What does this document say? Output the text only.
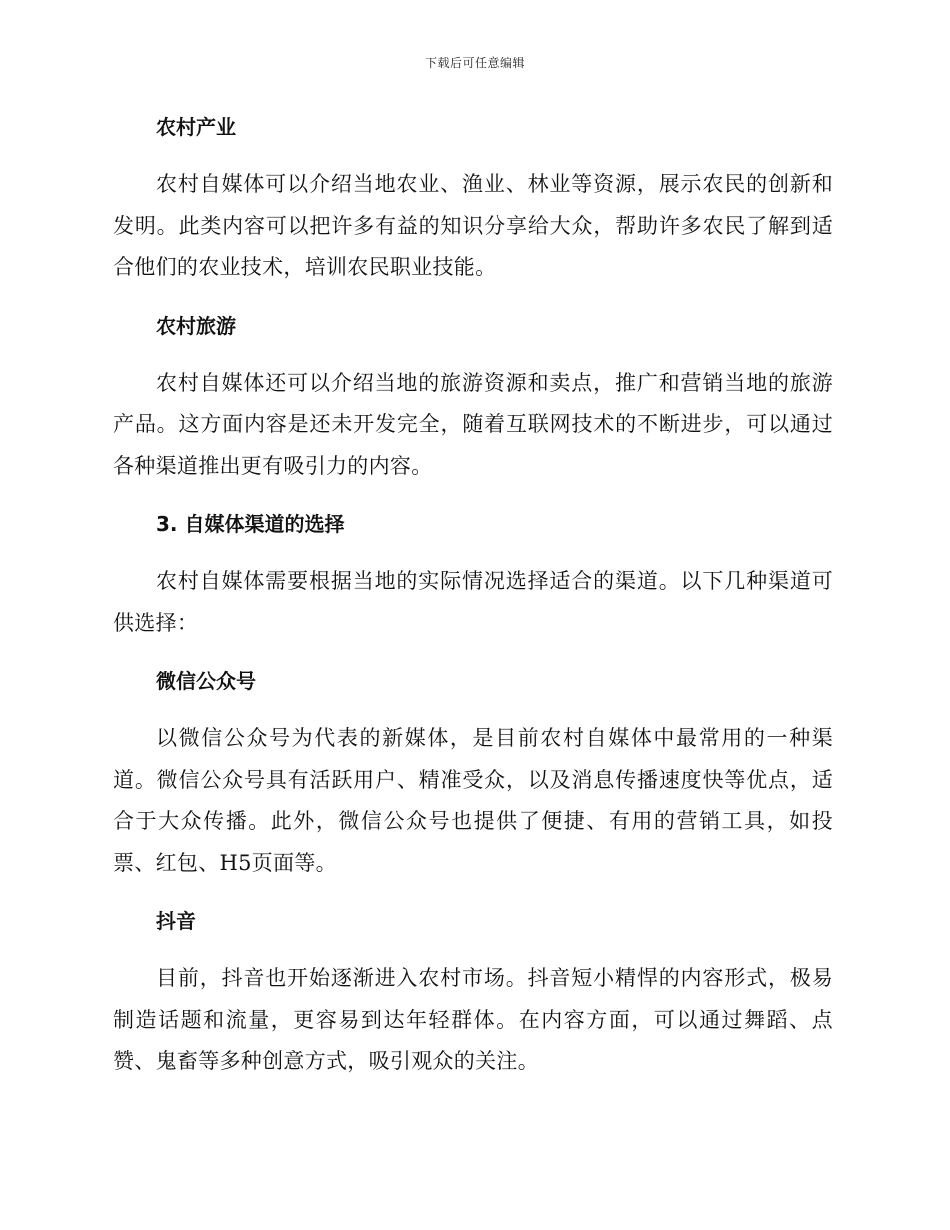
下载后可任意编辑
农村产业

农村自媒体可以介绍当地农业、渔业、林业等资源，展示农民的创新和发明。此类内容可以把许多有益的知识分享给大众，帮助许多农民了解到适合他们的农业技术，培训农民职业技能。

农村旅游

农村自媒体还可以介绍当地的旅游资源和卖点，推广和营销当地的旅游产品。这方面内容是还未开发完全，随着互联网技术的不断进步，可以通过各种渠道推出更有吸引力的内容。

3. 自媒体渠道的选择

农村自媒体需要根据当地的实际情况选择适合的渠道。以下几种渠道可供选择：

微信公众号

以微信公众号为代表的新媒体，是目前农村自媒体中最常用的一种渠道。微信公众号具有活跃用户、精准受众，以及消息传播速度快等优点，适合于大众传播。此外，微信公众号也提供了便捷、有用的营销工具，如投票、红包、H5页面等。

抖音

目前，抖音也开始逐渐进入农村市场。抖音短小精悍的内容形式，极易制造话题和流量，更容易到达年轻群体。在内容方面，可以通过舞蹈、点赞、鬼畜等多种创意方式，吸引观众的关注。
